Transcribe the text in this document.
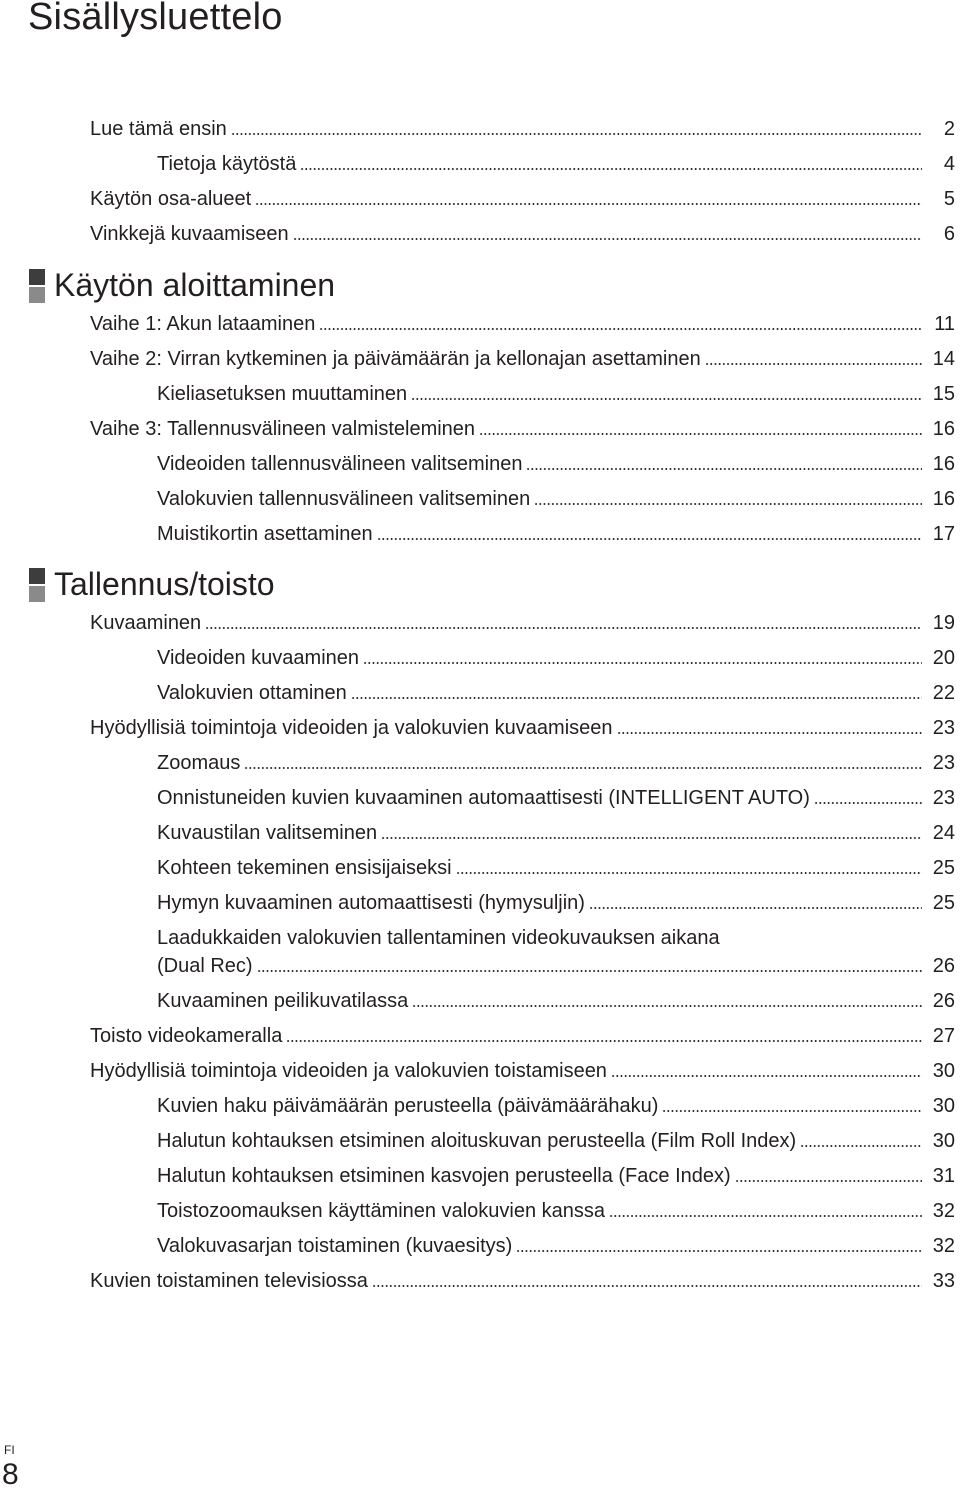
Sisällysluettelo
Lue tämä ensin	2
Tietoja käytöstä	4
Käytön osa-alueet	5
Vinkkejä kuvaamiseen	6
Käytön aloittaminen
Vaihe 1: Akun lataaminen	11
Vaihe 2: Virran kytkeminen ja päivämäärän ja kellonajan asettaminen	14
Kieliasetuksen muuttaminen	15
Vaihe 3: Tallennusvälineen valmisteleminen	16
Videoiden tallennusvälineen valitseminen	16
Valokuvien tallennusvälineen valitseminen	16
Muistikortin asettaminen	17
Tallennus/toisto
Kuvaaminen	19
Videoiden kuvaaminen	20
Valokuvien ottaminen	22
Hyödyllisiä toimintoja videoiden ja valokuvien kuvaamiseen	23
Zoomaus	23
Onnistuneiden kuvien kuvaaminen automaattisesti (INTELLIGENT AUTO)	23
Kuvaustilan valitseminen	24
Kohteen tekeminen ensisijaiseksi	25
Hymyn kuvaaminen automaattisesti (hymysuljin)	25
Laadukkaiden valokuvien tallentaminen videokuvauksen aikana
(Dual Rec)	26
Kuvaaminen peilikuvatilassa	26
Toisto videokameralla	27
Hyödyllisiä toimintoja videoiden ja valokuvien toistamiseen	30
Kuvien haku päivämäärän perusteella (päivämäärähaku)	30
Halutun kohtauksen etsiminen aloituskuvan perusteella (Film Roll Index)	30
Halutun kohtauksen etsiminen kasvojen perusteella (Face Index)	31
Toistozoomauksen käyttäminen valokuvien kanssa	32
Valokuvasarjan toistaminen (kuvaesitys)	32
Kuvien toistaminen televisiossa	33
FI
8
